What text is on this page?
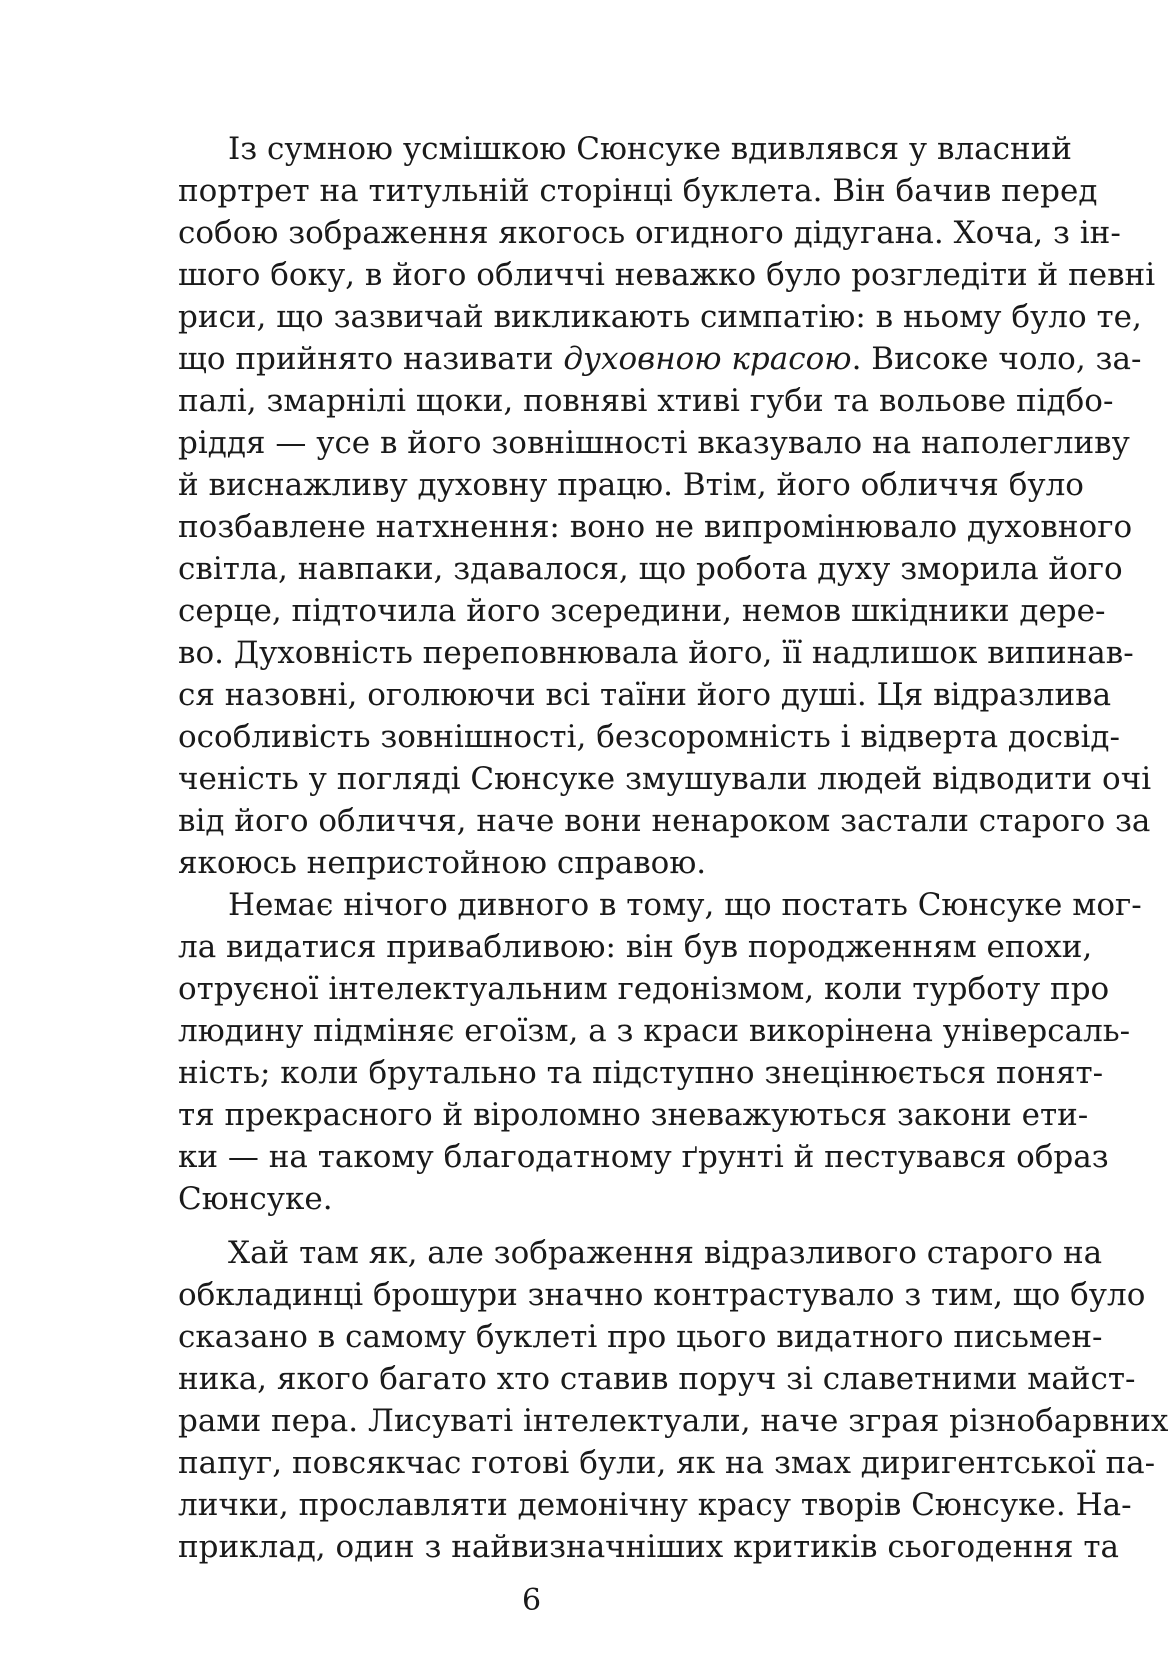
Із сумною усмішкою Сюнсуке вдивлявся у власний
портрет на титульній сторінці буклета. Він бачив перед
собою зображення якогось огидного дідугана. Хоча, з ін-
шого боку, в його обличчі неважко було розгледіти й певні
риси, що зазвичай викликають симпатію: в ньому було те,
що прийнято називати духовною красою. Високе чоло, за-
палі, змарнілі щоки, повняві хтиві губи та вольове підбо-
ріддя — усе в його зовнішності вказувало на наполегливу
й виснажливу духовну працю. Втім, його обличчя було
позбавлене натхнення: воно не випромінювало духовного
світла, навпаки, здавалося, що робота духу зморила його
серце, підточила його зсередини, немов шкідники дере-
во. Духовність переповнювала його, її надлишок випинав-
ся назовні, оголюючи всі таїни його душі. Ця відразлива
особливість зовнішності, безсоромність і відверта досвід-
ченість у погляді Сюнсуке змушували людей відводити очі
від його обличчя, наче вони ненароком застали старого за
якоюсь непристойною справою.
Немає нічого дивного в тому, що постать Сюнсуке мог-
ла видатися привабливою: він був породженням епохи,
отруєної інтелектуальним гедонізмом, коли турботу про
людину підміняє егоїзм, а з краси викорінена універсаль-
ність; коли брутально та підступно знецінюється понят-
тя прекрасного й віроломно зневажуються закони ети-
ки — на такому благодатному ґрунті й пестувався образ
Сюнсуке.
Хай там як, але зображення відразливого старого на
обкладинці брошури значно контрастувало з тим, що було
сказано в самому буклеті про цього видатного письмен-
ника, якого багато хто ставив поруч зі славетними майст-
рами пера. Лисуваті інтелектуали, наче зграя різнобарвних
папуг, повсякчас готові були, як на змах диригентської па-
лички, прославляти демонічну красу творів Сюнсуке. На-
приклад, один з найвизначніших критиків сьогодення та
6
